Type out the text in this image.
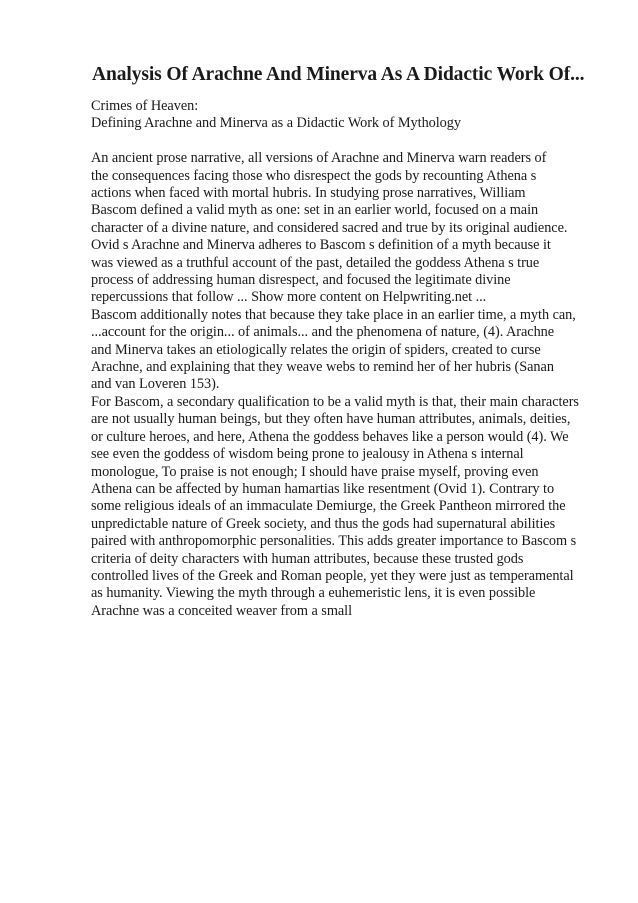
Analysis Of Arachne And Minerva As A Didactic Work Of...
Crimes of Heaven:
Defining Arachne and Minerva as a Didactic Work of Mythology
An ancient prose narrative, all versions of Arachne and Minerva warn readers of
the consequences facing those who disrespect the gods by recounting Athena s
actions when faced with mortal hubris. In studying prose narratives, William
Bascom defined a valid myth as one: set in an earlier world, focused on a main
character of a divine nature, and considered sacred and true by its original audience.
Ovid s Arachne and Minerva adheres to Bascom s definition of a myth because it
was viewed as a truthful account of the past, detailed the goddess Athena s true
process of addressing human disrespect, and focused the legitimate divine
repercussions that follow ... Show more content on Helpwriting.net ...
Bascom additionally notes that because they take place in an earlier time, a myth can,
...account for the origin... of animals... and the phenomena of nature, (4). Arachne
and Minerva takes an etiologically relates the origin of spiders, created to curse
Arachne, and explaining that they weave webs to remind her of her hubris (Sanan
and van Loveren 153).
For Bascom, a secondary qualification to be a valid myth is that, their main characters
are not usually human beings, but they often have human attributes, animals, deities,
or culture heroes, and here, Athena the goddess behaves like a person would (4). We
see even the goddess of wisdom being prone to jealousy in Athena s internal
monologue, To praise is not enough; I should have praise myself, proving even
Athena can be affected by human hamartias like resentment (Ovid 1). Contrary to
some religious ideals of an immaculate Demiurge, the Greek Pantheon mirrored the
unpredictable nature of Greek society, and thus the gods had supernatural abilities
paired with anthropomorphic personalities. This adds greater importance to Bascom s
criteria of deity characters with human attributes, because these trusted gods
controlled lives of the Greek and Roman people, yet they were just as temperamental
as humanity. Viewing the myth through a euhemeristic lens, it is even possible
Arachne was a conceited weaver from a small
